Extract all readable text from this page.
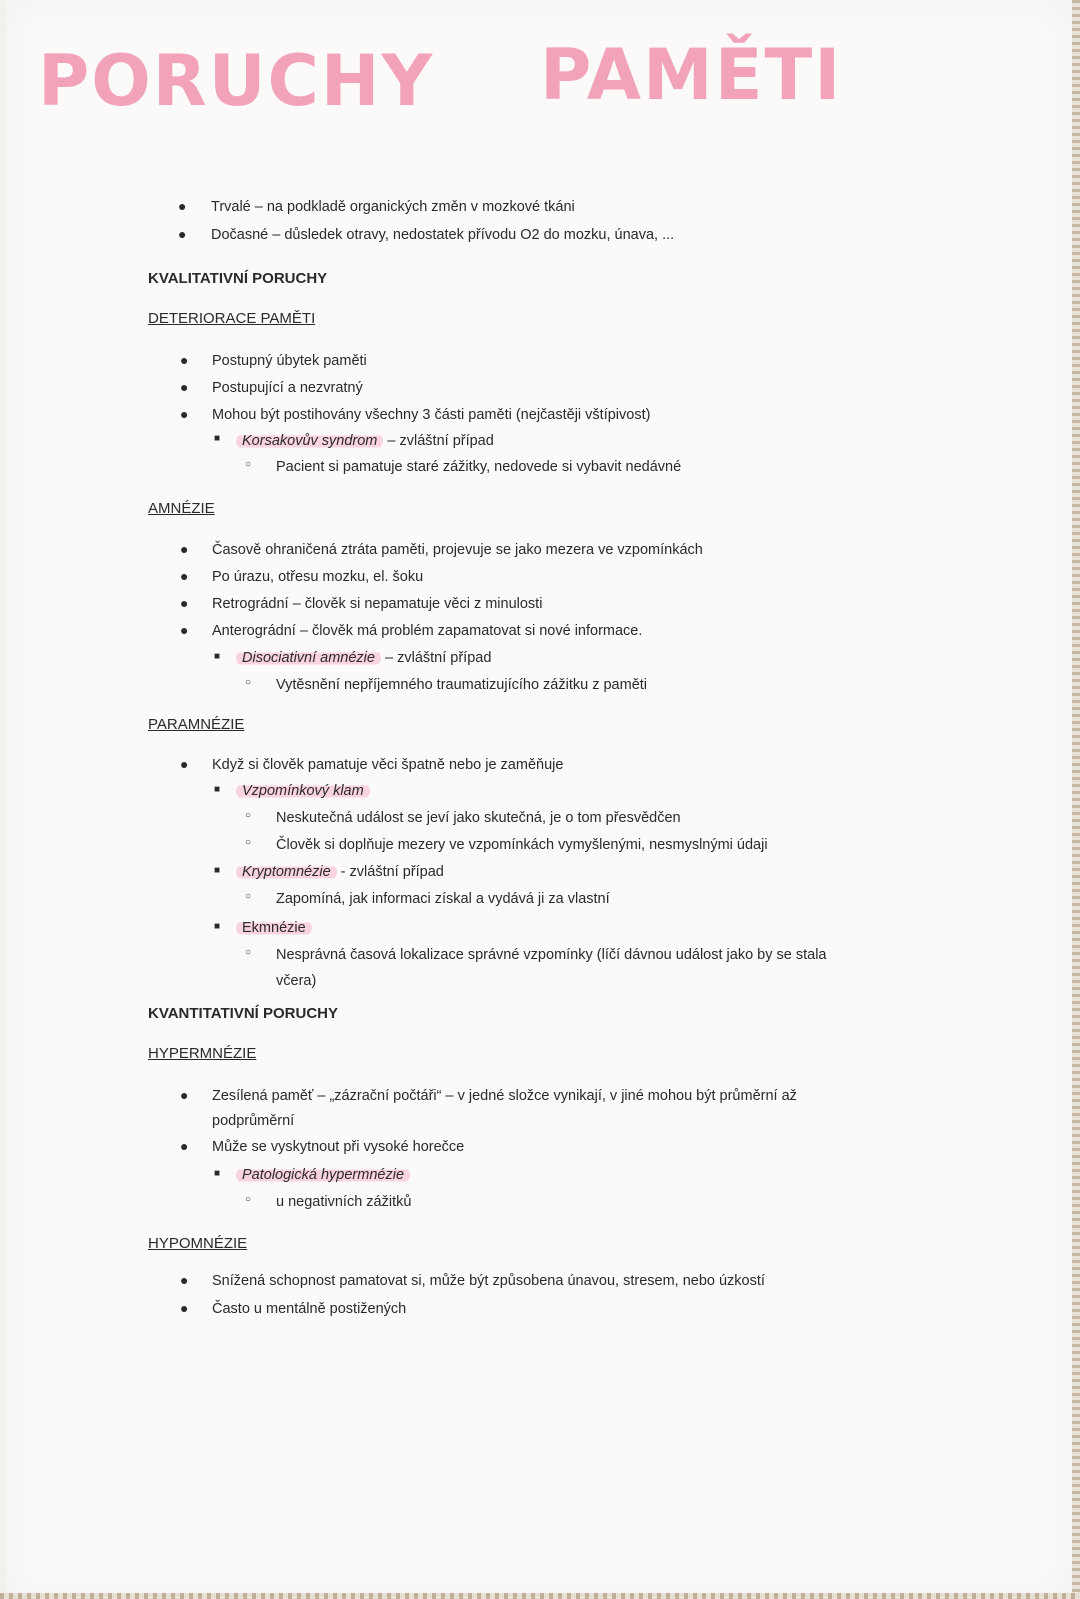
PORUCHY PAMĚTI
● Trvalé – na podkladě organických změn v mozkové tkáni
● Dočasné – důsledek otravy, nedostatek přívodu O2 do mozku, únava, ...
KVALITATIVNÍ PORUCHY
DETERIORACE PAMĚTI
● Postupný úbytek paměti
● Postupující a nezvratný
● Mohou být postihovány všechny 3 části paměti (nejčastěji vštípivost)
■	Korsakovův syndrom – zvláštní případ
○ Pacient si pamatuje staré zážitky, nedovede si vybavit nedávné
AMNÉZIE
● Časově ohraničená ztráta paměti, projevuje se jako mezera ve vzpomínkách
● Po úrazu, otřesu mozku, el. šoku
● Retrográdní – člověk si nepamatuje věci z minulosti
● Anterográdní – člověk má problém zapamatovat si nové informace.
■	Disociativní amnézie – zvláštní případ
○ Vytěsnění nepříjemného traumatizujícího zážitku z paměti
PARAMNÉZIE
● Když si člověk pamatuje věci špatně nebo je zaměňuje
■	Vzpomínkový klam
○ Neskutečná událost se jeví jako skutečná, je o tom přesvědčen
○ Člověk si doplňuje mezery ve vzpomínkách vymyšlenými, nesmyslnými údaji
■	Kryptomnézie - zvláštní případ
○ Zapomíná, jak informaci získal a vydává ji za vlastní
■	Ekmnézie
○ Nesprávná časová lokalizace správné vzpomínky (líčí dávnou událost jako by se stala
včera)
KVANTITATIVNÍ PORUCHY
HYPERMNÉZIE
● Zesílená paměť – „zázrační počtáři“ – v jedné složce vynikají, v jiné mohou být průměrní až
podprůměrní
● Může se vyskytnout při vysoké horečce
■	Patologická hypermnézie
○ u negativních zážitků
HYPOMNÉZIE
● Snížená schopnost pamatovat si, může být způsobena únavou, stresem, nebo úzkostí
● Často u mentálně postižených
